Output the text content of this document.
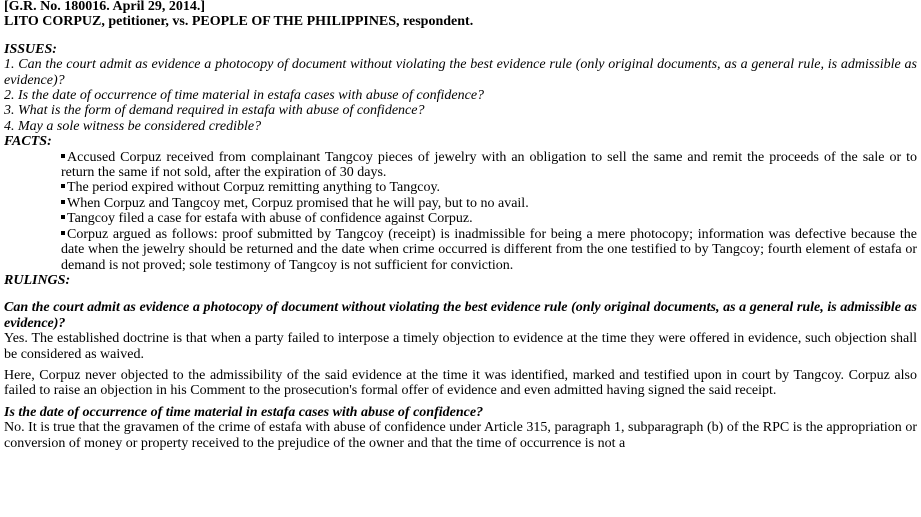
[G.R. No. 180016. April 29, 2014.]

LITO CORPUZ, petitioner, vs. PEOPLE OF THE PHILIPPINES, respondent.

ISSUES:

1. Can the court admit as evidence a photocopy of document without violating the best evidence rule (only original documents, as a general rule, is admissible as evidence)?

2. Is the date of occurrence of time material in estafa cases with abuse of confidence?

3. What is the form of demand required in estafa with abuse of confidence?

4. May a sole witness be considered credible?

FACTS:

Accused Corpuz received from complainant Tangcoy pieces of jewelry with an obligation to sell the same and remit the proceeds of the sale or to return the same if not sold, after the expiration of 30 days.

The period expired without Corpuz remitting anything to Tangcoy.

When Corpuz and Tangcoy met, Corpuz promised that he will pay, but to no avail.

Tangcoy filed a case for estafa with abuse of confidence against Corpuz.

Corpuz argued as follows: proof submitted by Tangcoy (receipt) is inadmissible for being a mere photocopy; information was defective because the date when the jewelry should be returned and the date when crime occurred is different from the one testified to by Tangcoy; fourth element of estafa or demand is not proved; sole testimony of Tangcoy is not sufficient for conviction.

RULINGS:

Can the court admit as evidence a photocopy of document without violating the best evidence rule (only original documents, as a general rule, is admissible as evidence)?

Yes. The established doctrine is that when a party failed to interpose a timely objection to evidence at the time they were offered in evidence, such objection shall be considered as waived.

Here, Corpuz never objected to the admissibility of the said evidence at the time it was identified, marked and testified upon in court by Tangcoy. Corpuz also failed to raise an objection in his Comment to the prosecution's formal offer of evidence and even admitted having signed the said receipt.

Is the date of occurrence of time material in estafa cases with abuse of confidence?

No. It is true that the gravamen of the crime of estafa with abuse of confidence under Article 315, paragraph 1, subparagraph (b) of the RPC is the appropriation or conversion of money or property received to the prejudice of the owner and that the time of occurrence is not a
